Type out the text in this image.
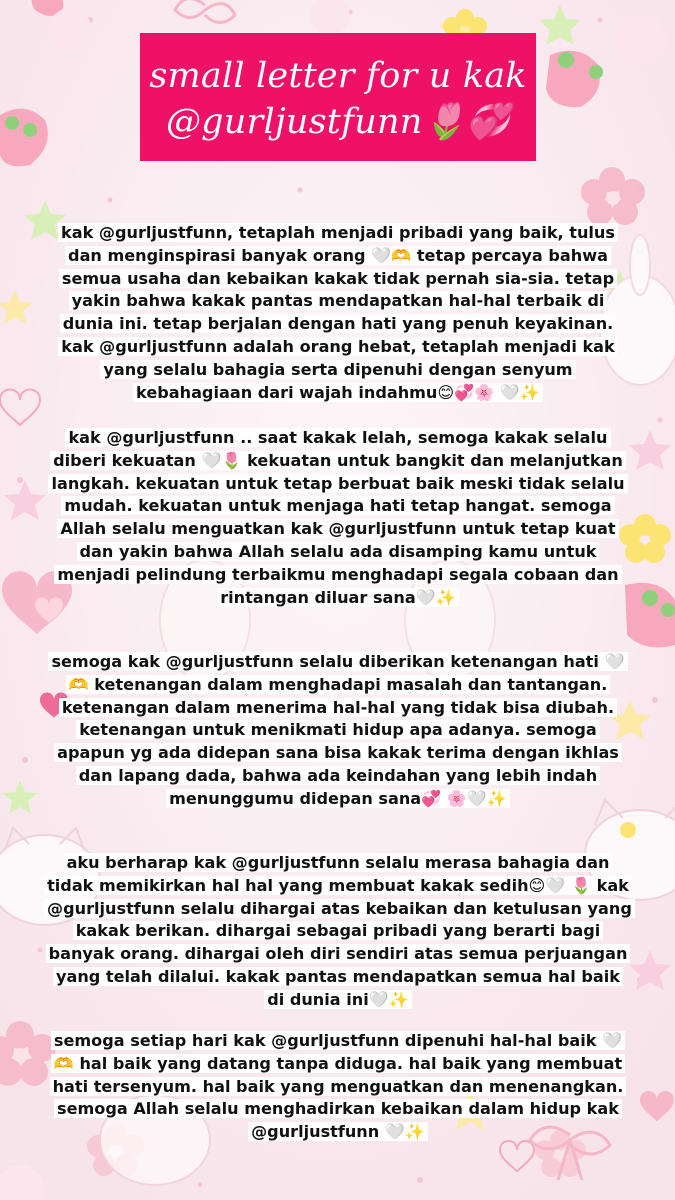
small letter for u kak
@gurljustfunn🌷💞

kak @gurljustfunn, tetaplah menjadi pribadi yang baik, tulus dan menginspirasi banyak orang 🤍🫶 tetap percaya bahwa semua usaha dan kebaikan kakak tidak pernah sia-sia. tetap yakin bahwa kakak pantas mendapatkan hal-hal terbaik di dunia ini. tetap berjalan dengan hati yang penuh keyakinan. kak @gurljustfunn adalah orang hebat, tetaplah menjadi kak yang selalu bahagia serta dipenuhi dengan senyum kebahagiaan dari wajah indahmu😊💞🌸 🤍✨

kak @gurljustfunn .. saat kakak lelah, semoga kakak selalu diberi kekuatan 🤍🌷 kekuatan untuk bangkit dan melanjutkan langkah. kekuatan untuk tetap berbuat baik meski tidak selalu mudah. kekuatan untuk menjaga hati tetap hangat. semoga Allah selalu menguatkan kak @gurljustfunn untuk tetap kuat dan yakin bahwa Allah selalu ada disamping kamu untuk menjadi pelindung terbaikmu menghadapi segala cobaan dan rintangan diluar sana🤍✨

semoga kak @gurljustfunn selalu diberikan ketenangan hati 🤍🫶 ketenangan dalam menghadapi masalah dan tantangan. ketenangan dalam menerima hal-hal yang tidak bisa diubah. ketenangan untuk menikmati hidup apa adanya. semoga apapun yg ada didepan sana bisa kakak terima dengan ikhlas dan lapang dada, bahwa ada keindahan yang lebih indah menunggumu didepan sana💞 🌸🤍✨

aku berharap kak @gurljustfunn selalu merasa bahagia dan tidak memikirkan hal hal yang membuat kakak sedih😊🤍 🌷 kak @gurljustfunn selalu dihargai atas kebaikan dan ketulusan yang kakak berikan. dihargai sebagai pribadi yang berarti bagi banyak orang. dihargai oleh diri sendiri atas semua perjuangan yang telah dilalui. kakak pantas mendapatkan semua hal baik di dunia ini🤍✨

semoga setiap hari kak @gurljustfunn dipenuhi hal-hal baik 🤍🫶 hal baik yang datang tanpa diduga. hal baik yang membuat hati tersenyum. hal baik yang menguatkan dan menenangkan. semoga Allah selalu menghadirkan kebaikan dalam hidup kak @gurljustfunn 🤍✨
